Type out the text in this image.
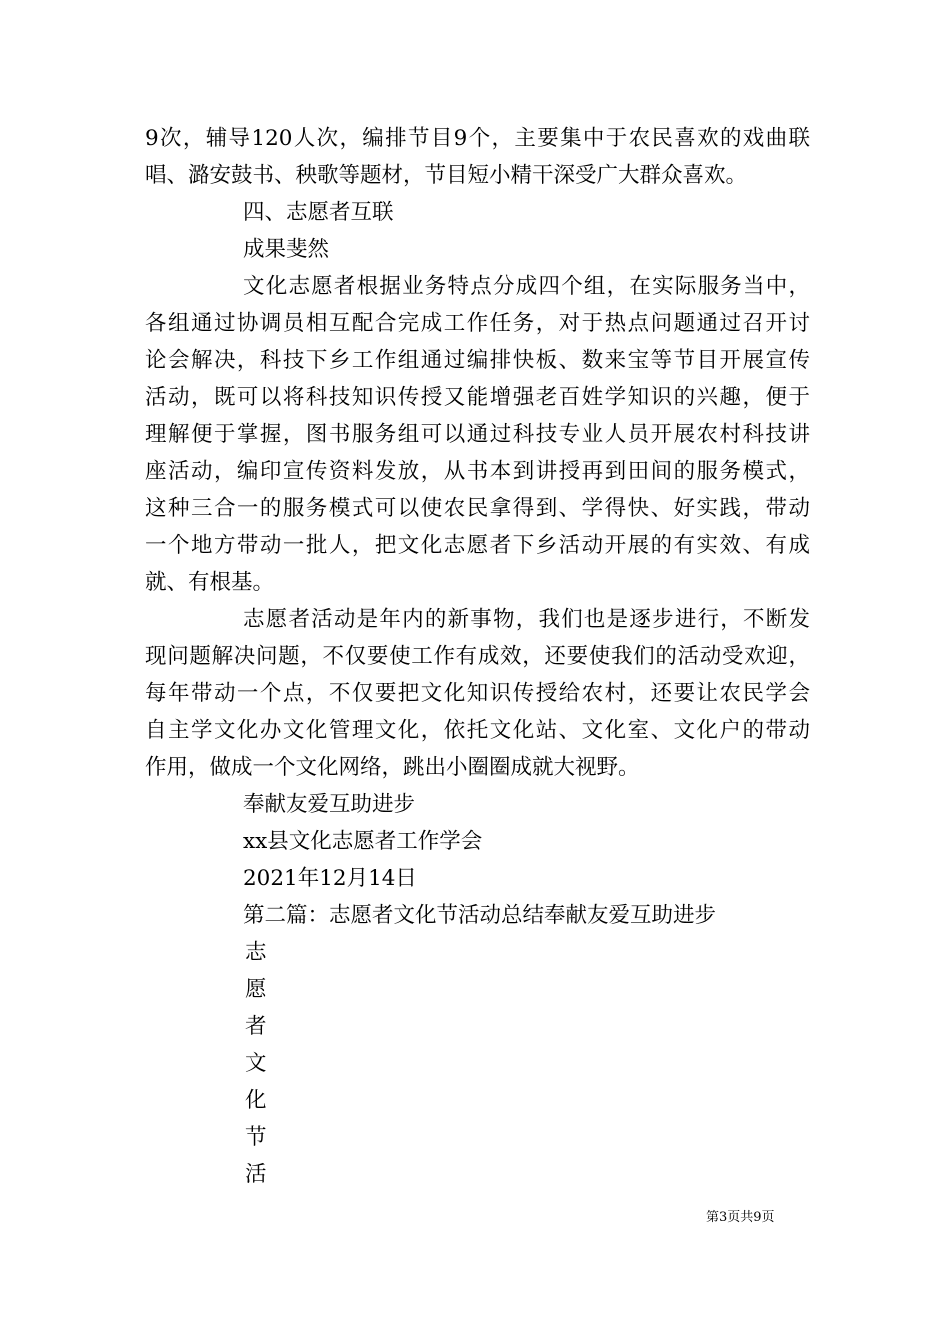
9次，辅导120人次，编排节目9个，主要集中于农民喜欢的戏曲联
唱、潞安鼓书、秧歌等题材，节目短小精干深受广大群众喜欢。
四、志愿者互联
成果斐然
文化志愿者根据业务特点分成四个组，在实际服务当中，
各组通过协调员相互配合完成工作任务，对于热点问题通过召开讨
论会解决，科技下乡工作组通过编排快板、数来宝等节目开展宣传
活动，既可以将科技知识传授又能增强老百姓学知识的兴趣，便于
理解便于掌握，图书服务组可以通过科技专业人员开展农村科技讲
座活动，编印宣传资料发放，从书本到讲授再到田间的服务模式，
这种三合一的服务模式可以使农民拿得到、学得快、好实践，带动
一个地方带动一批人，把文化志愿者下乡活动开展的有实效、有成
就、有根基。
志愿者活动是年内的新事物，我们也是逐步进行，不断发
现问题解决问题，不仅要使工作有成效，还要使我们的活动受欢迎，
每年带动一个点，不仅要把文化知识传授给农村，还要让农民学会
自主学文化办文化管理文化，依托文化站、文化室、文化户的带动
作用，做成一个文化网络，跳出小圈圈成就大视野。
奉献友爱互助进步
xx县文化志愿者工作学会
2021年12月14日
第二篇：志愿者文化节活动总结奉献友爱互助进步
志
愿
者
文
化
节
活
第3页共9页
